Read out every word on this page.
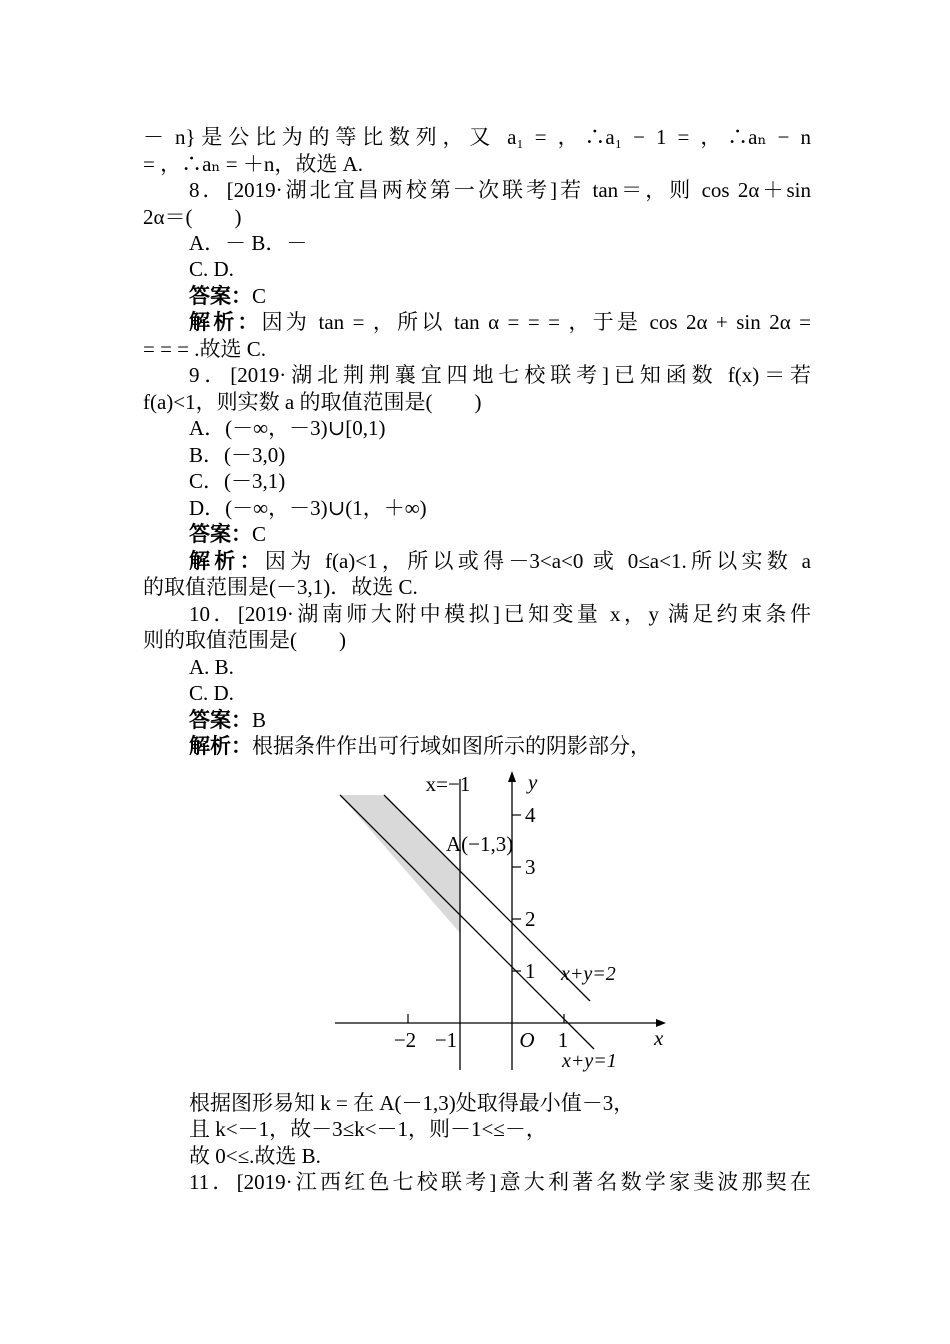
－ n}是公比为的等比数列，又 a₁ = ，∴a₁ − 1 = ，∴aₙ − n
= ，∴aₙ = ＋n，故选 A.
8．[2019·湖北宜昌两校第一次联考]若 tan＝，则 cos 2α＋sin
2α＝(　　)
A．－ B．－
C. D.
答案：C
解析：因为 tan = ，所以 tan α = = = ，于是 cos 2α + sin 2α =
= = = .故选 C.
9．[2019·湖北荆荆襄宜四地七校联考]已知函数 f(x)＝若
f(a)<1，则实数 a 的取值范围是(　　)
A．(－∞，－3)∪[0,1)
B．(－3,0)
C．(－3,1)
D．(－∞，－3)∪(1，＋∞)
答案：C
解析：因为 f(a)<1，所以或得－3<a<0 或 0≤a<1.所以实数 a
的取值范围是(－3,1)．故选 C.
10．[2019·湖南师大附中模拟]已知变量 x，y 满足约束条件
则的取值范围是(　　)
A. B.
C. D.
答案：B
解析：根据条件作出可行域如图所示的阴影部分，
x=−1	y
4
3
2
1
A(−1,3)
x+y=2
x+y=1
−2 −1	O 1	x
根据图形易知 k = 在 A(－1,3)处取得最小值－3，
且 k<－1，故－3≤k<－1，则－1<≤－，
故 0<≤.故选 B.
11．[2019·江西红色七校联考]意大利著名数学家斐波那契在
